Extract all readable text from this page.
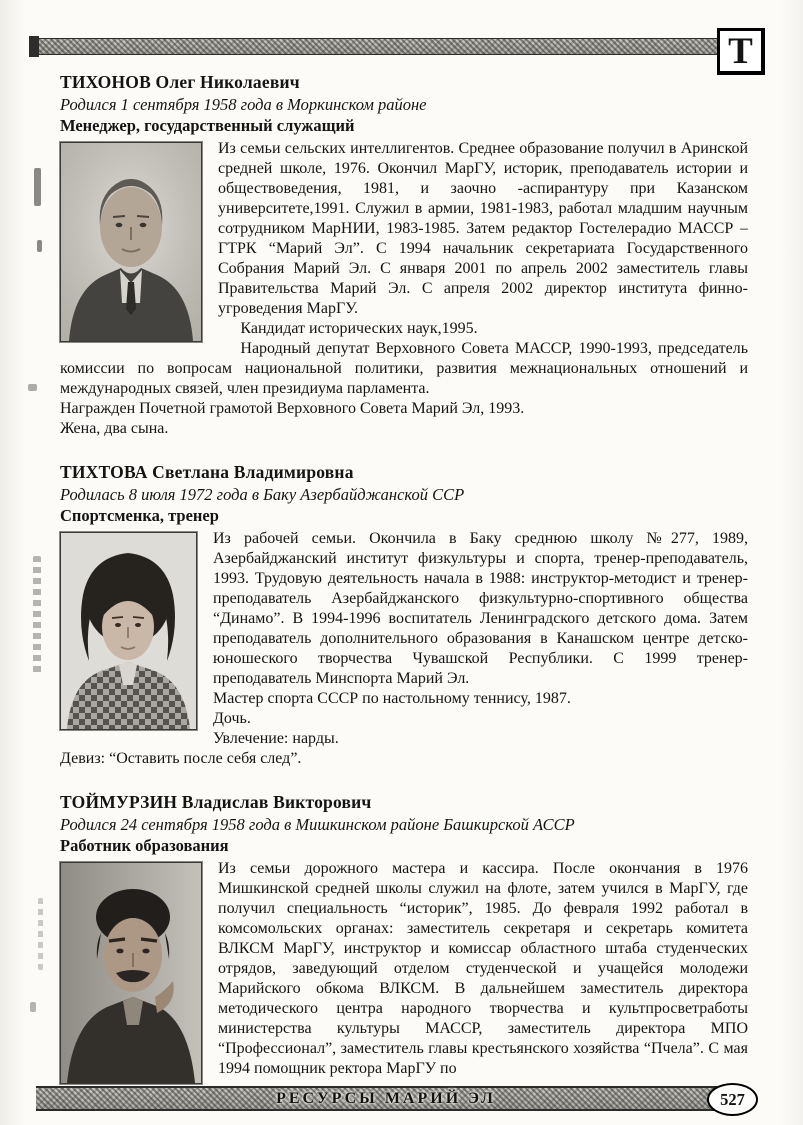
Т
ТИХОНОВ Олег Николаевич
Родился 1 сентября 1958 года в Моркинском районе
Менеджер, государственный служащий

Из семьи сельских интеллигентов. Среднее образование получил в Аринской средней школе, 1976. Окончил МарГУ, историк, преподаватель истории и обществоведения, 1981, и заочно -аспирантуру при Казанском университете,1991. Служил в армии, 1981-1983, работал младшим научным сотрудником МарНИИ, 1983-1985. Затем редактор Гостелерадио МАССР – ГТРК “Марий Эл”. С 1994 начальник секретариата Государственного Собрания Марий Эл. С января 2001 по апрель 2002 заместитель главы Правительства Марий Эл. С апреля 2002 директор института финно-угроведения МарГУ.

Кандидат исторических наук,1995.

Народный депутат Верховного Совета МАССР, 1990-1993, председатель комиссии по вопросам национальной политики, развития межнациональных отношений и международных связей, член президиума парламента.

Награжден Почетной грамотой Верховного Совета Марий Эл, 1993.

Жена, два сына.

ТИХТОВА Светлана Владимировна
Родилась 8 июля 1972 года в Баку Азербайджанской ССР
Спортсменка, тренер

Из рабочей семьи. Окончила в Баку среднюю школу №277, 1989, Азербайджанский институт физкультуры и спорта, тренер-преподаватель, 1993. Трудовую деятельность начала в 1988: инструктор-методист и тренер-преподаватель Азербайджанского физкультурно-спортивного общества “Динамо”. В 1994-1996 воспитатель Ленинградского детского дома. Затем преподаватель дополнительного образования в Канашском центре детско-юношеского творчества Чувашской Республики. С 1999 тренер-преподаватель Минспорта Марий Эл.

Мастер спорта СССР по настольному теннису, 1987.

Дочь.

Увлечение: нарды.

Девиз: “Оставить после себя след”.

ТОЙМУРЗИН Владислав Викторович
Родился 24 сентября 1958 года в Мишкинском районе Башкирской АССР
Работник образования

Из семьи дорожного мастера и кассира. После окончания в 1976 Мишкинской средней школы служил на флоте, затем учился в МарГУ, где получил специальность “историк”, 1985. До февраля 1992 работал в комсомольских органах: заместитель секретаря и секретарь комитета ВЛКСМ МарГУ, инструктор и комиссар областного штаба студенческих отрядов, заведующий отделом студенческой и учащейся молодежи Марийского обкома ВЛКСМ. В дальнейшем заместитель директора методического центра народного творчества и культпросветработы министерства культуры МАССР, заместитель директора МПО “Профессионал”, заместитель главы крестьянского хозяйства “Пчела”. С мая 1994 помощник ректора МарГУ по

РЕСУРСЫ МАРИЙ ЭЛ	527
